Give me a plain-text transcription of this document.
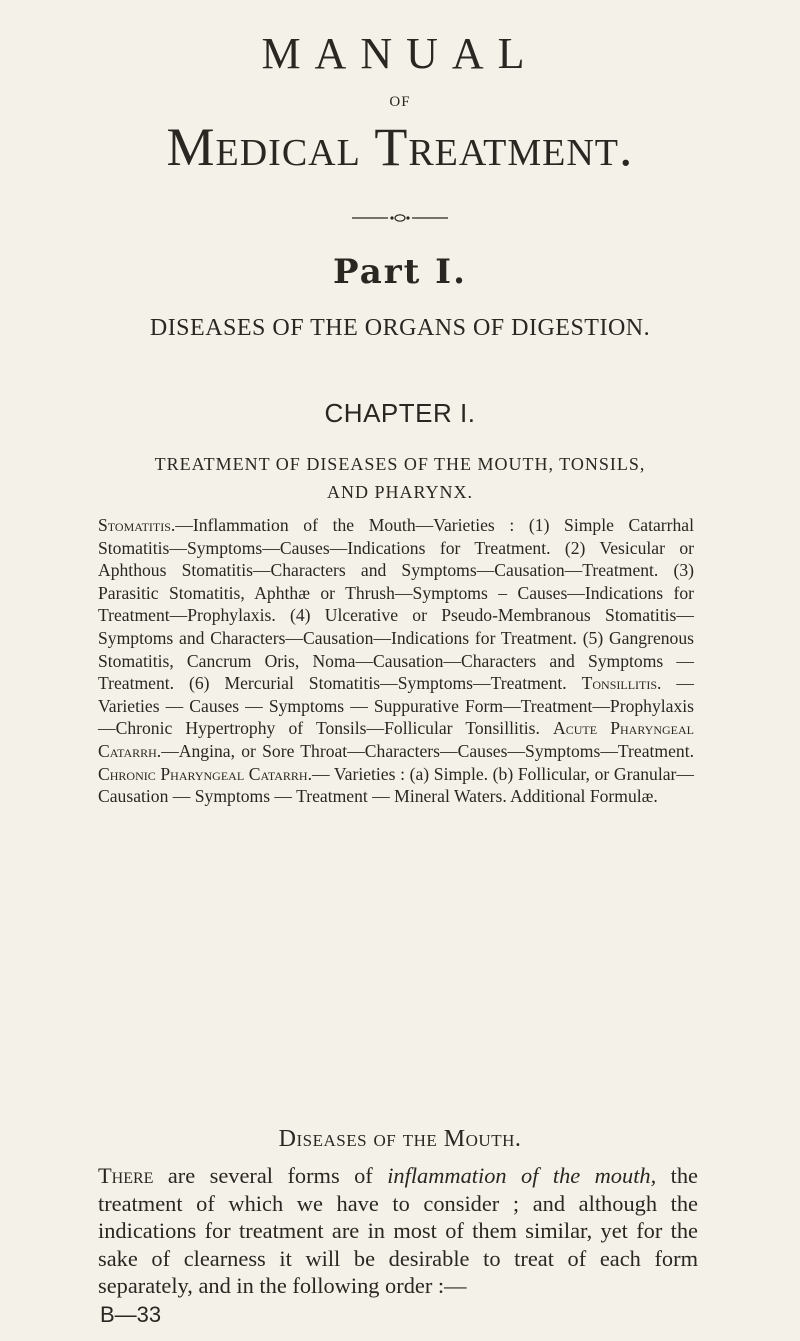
MANUAL
OF
Medical Treatment.
Part I.
DISEASES OF THE ORGANS OF DIGESTION.
CHAPTER I.
TREATMENT OF DISEASES OF THE MOUTH, TONSILS,
AND PHARYNX.
Stomatitis.—Inflammation of the Mouth—Varieties : (1) Simple Catarrhal Stomatitis—Symptoms—Causes—Indications for Treatment. (2) Vesicular or Aphthous Stomatitis—Characters and Symptoms—Causation—Treatment. (3) Parasitic Stomatitis, Aphthæ or Thrush—Symptoms – Causes—Indications for Treatment—Prophylaxis. (4) Ulcerative or Pseudo-Membranous Stomatitis—Symptoms and Characters—Causation—Indications for Treatment. (5) Gangrenous Stomatitis, Cancrum Oris, Noma—Causation—Characters and Symptoms —Treatment. (6) Mercurial Stomatitis—Symptoms—Treatment. Tonsillitis. — Varieties — Causes — Symptoms — Suppurative Form—Treatment—Prophylaxis—Chronic Hypertrophy of Tonsils—Follicular Tonsillitis. Acute Pharyngeal Catarrh.—Angina, or Sore Throat—Characters—Causes—Symptoms—Treatment. Chronic Pharyngeal Catarrh.— Varieties : (a) Simple. (b) Follicular, or Granular—Causation — Symptoms — Treatment — Mineral Waters. Additional Formulæ.
Diseases of the Mouth.
There are several forms of inflammation of the mouth, the treatment of which we have to consider ; and although the indications for treatment are in most of them similar, yet for the sake of clearness it will be desirable to treat of each form separately, and in the following order :—
B—33
